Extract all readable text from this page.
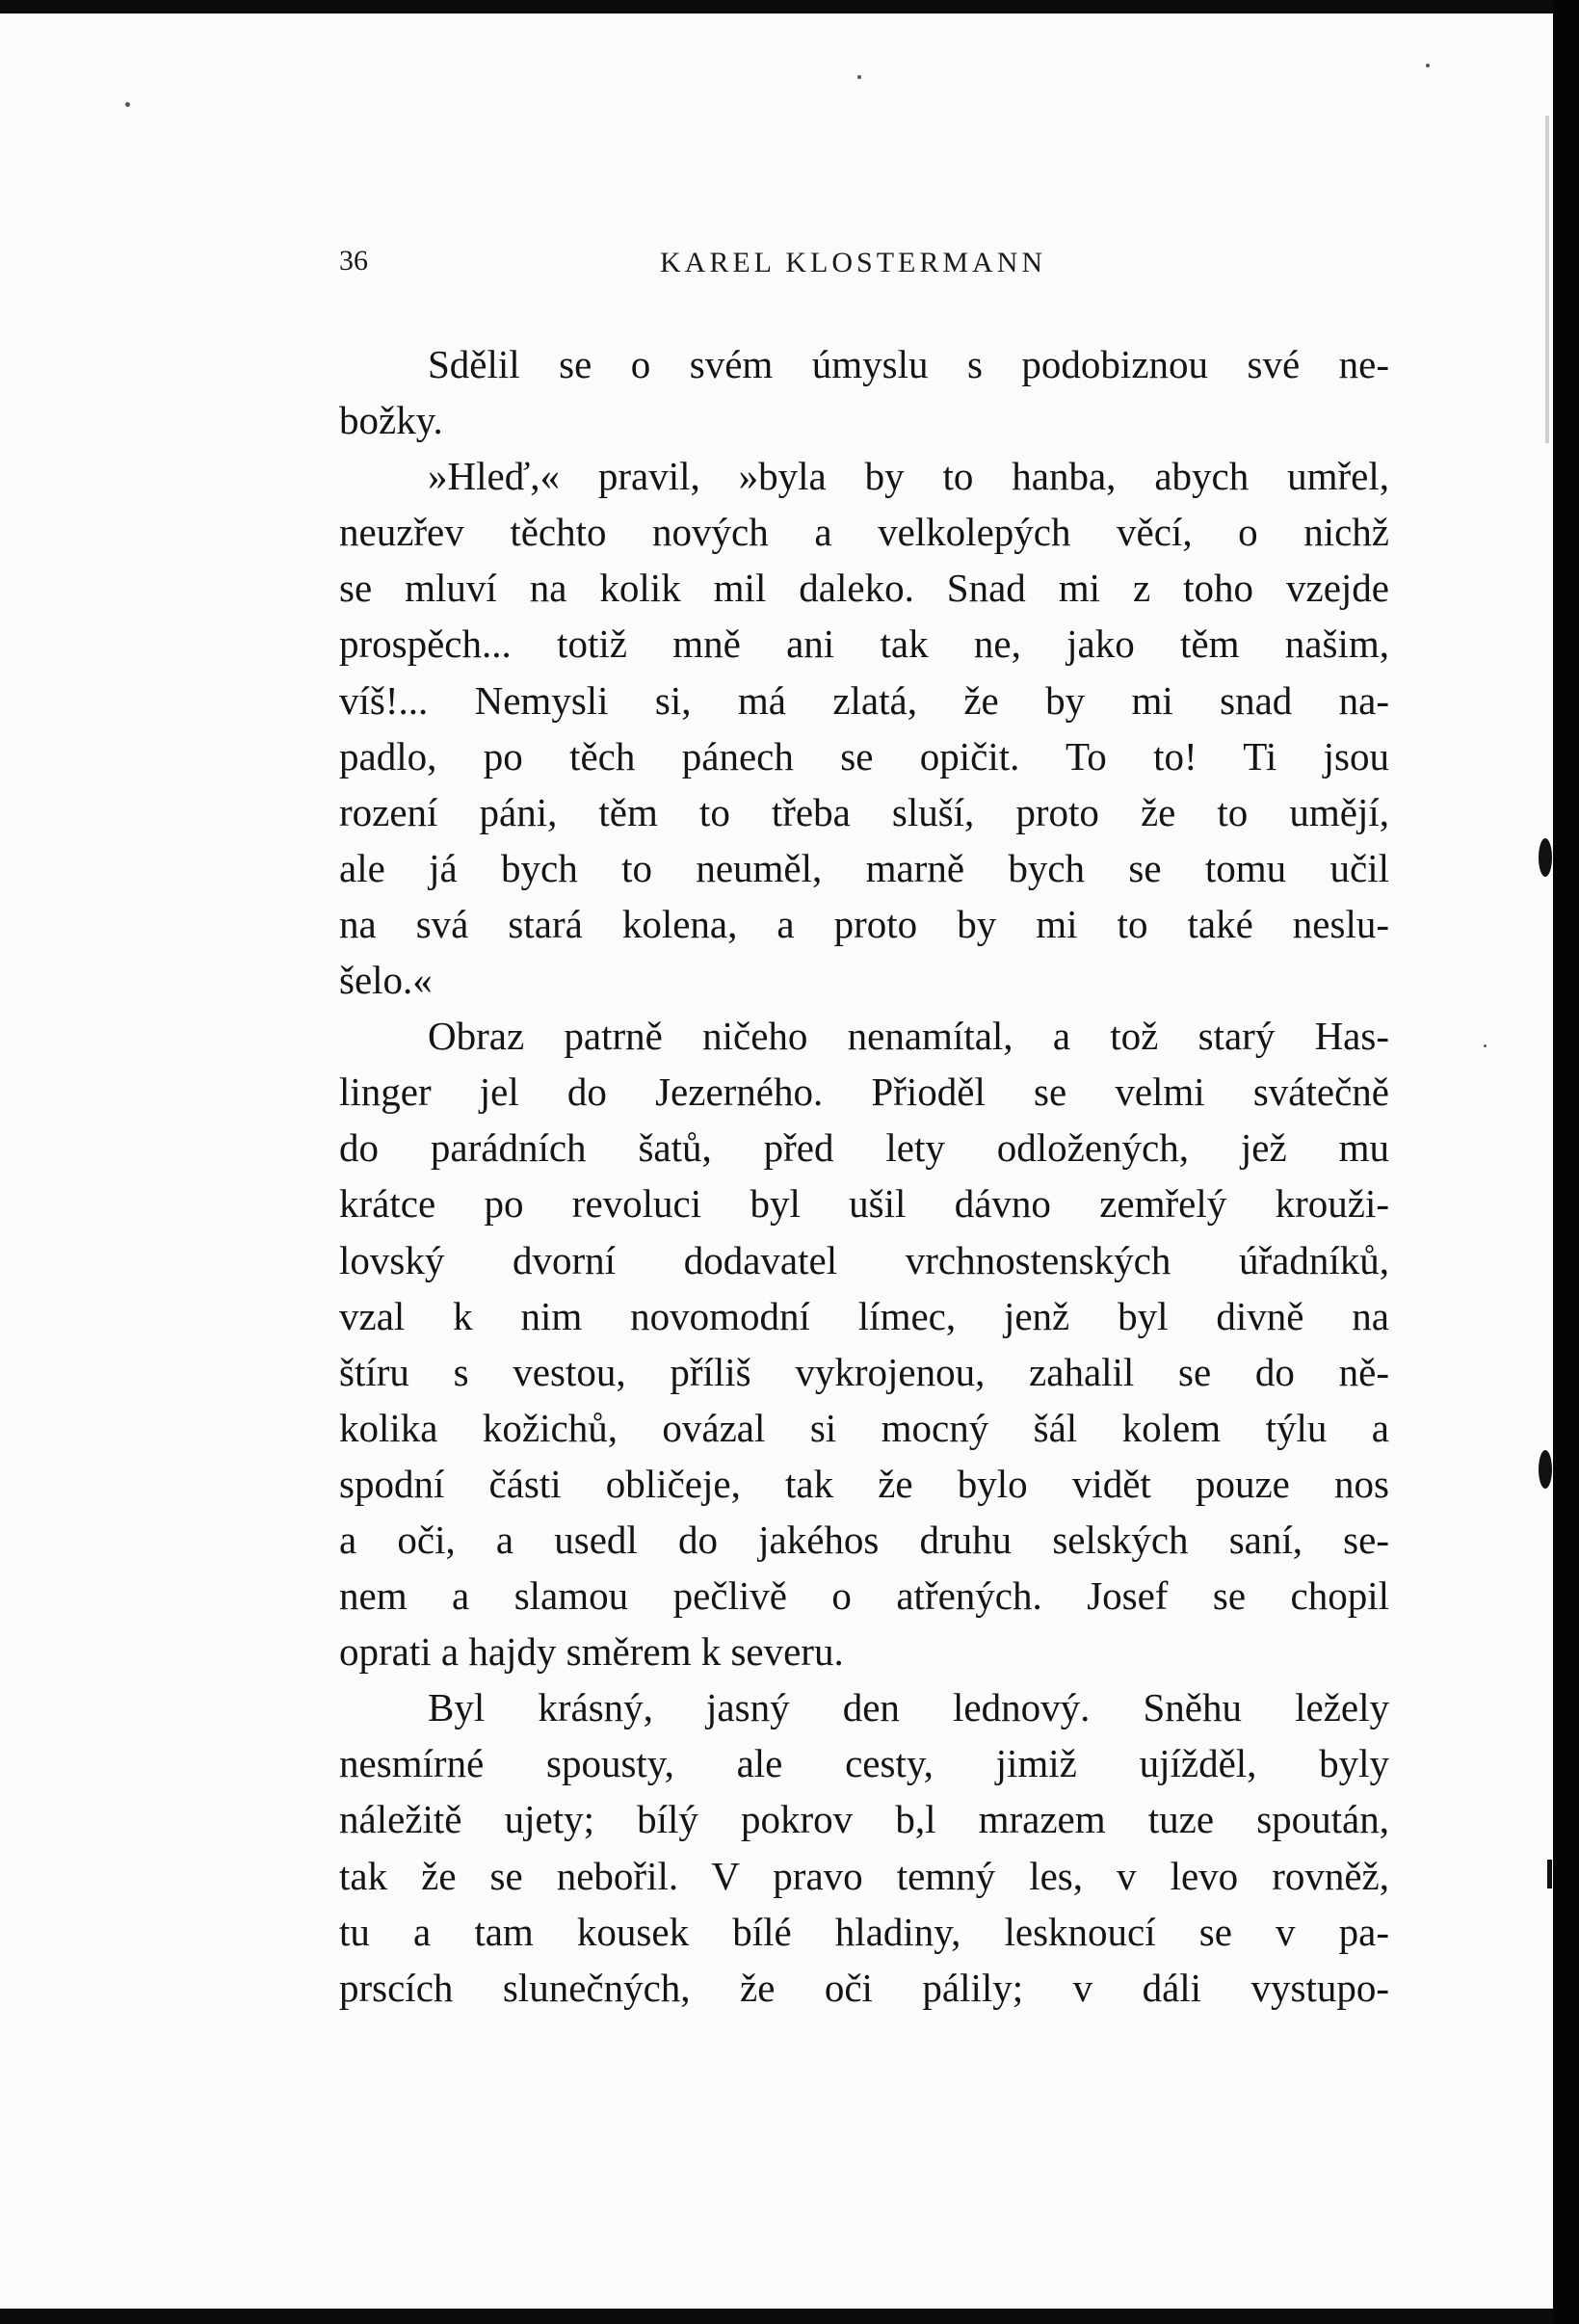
36	KAREL KLOSTERMANN
Sdělil se o svém úmyslu s podobiznou své ne-
božky.
»Hleď,« pravil, »byla by to hanba, abych umřel,
neuzřev těchto nových a velkolepých věcí, o nichž
se mluví na kolik mil daleko. Snad mi z toho vzejde
prospěch... totiž mně ani tak ne, jako těm našim,
víš!... Nemysli si, má zlatá, že by mi snad na-
padlo, po těch pánech se opičit. To to! Ti jsou
rození páni, těm to třeba sluší, proto že to umějí,
ale já bych to neuměl, marně bych se tomu učil
na svá stará kolena, a proto by mi to také neslu-
šelo.«
Obraz patrně ničeho nenamítal, a tož starý Has-
linger jel do Jezerného. Přioděl se velmi svátečně
do parádních šatů, před lety odložených, jež mu
krátce po revoluci byl ušil dávno zemřelý krouži-
lovský dvorní dodavatel vrchnostenských úřadníků,
vzal k nim novomodní límec, jenž byl divně na
štíru s vestou, příliš vykrojenou, zahalil se do ně-
kolika kožichů, ovázal si mocný šál kolem týlu a
spodní části obličeje, tak že bylo vidět pouze nos
a oči, a usedl do jakéhos druhu selských saní, se-
nem a slamou pečlivě o atřených. Josef se chopil
oprati a hajdy směrem k severu.
Byl krásný, jasný den lednový. Sněhu ležely
nesmírné spousty, ale cesty, jimiž ujížděl, byly
náležitě ujety; bílý pokrov b,l mrazem tuze spoután,
tak že se nebořil. V pravo temný les, v levo rovněž,
tu a tam kousek bílé hladiny, lesknoucí se v pa-
prscích slunečných, že oči pálily; v dáli vystupo-
